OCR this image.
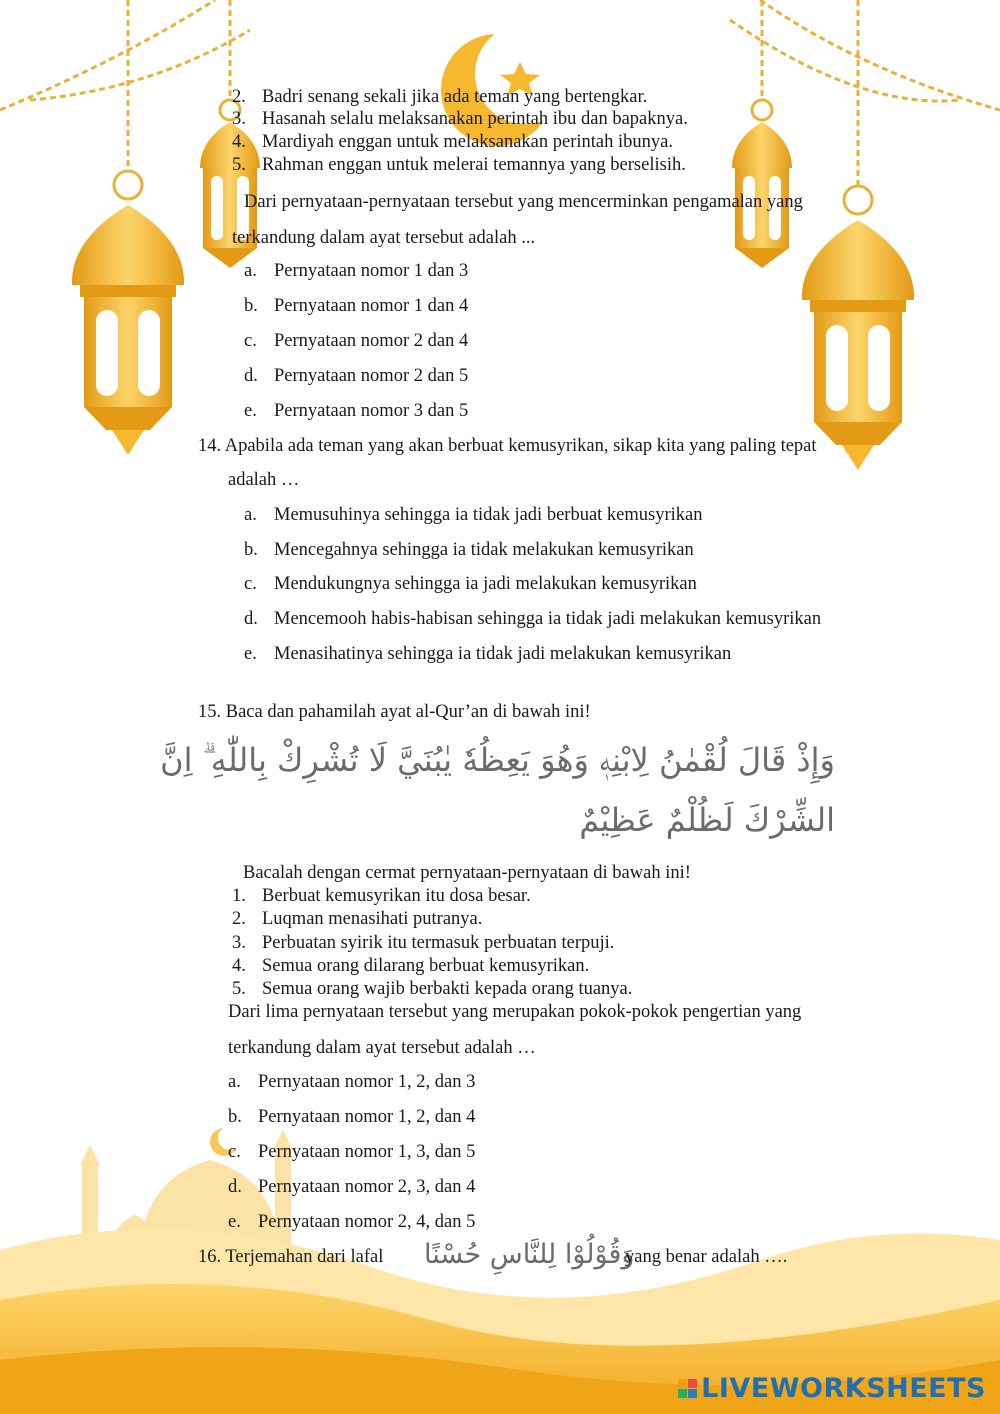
2. Badri senang sekali jika ada teman yang bertengkar.
3. Hasanah selalu melaksanakan perintah ibu dan bapaknya.
4. Mardiyah enggan untuk melaksanakan perintah ibunya.
5. Rahman enggan untuk melerai temannya yang berselisih.
Dari pernyataan-pernyataan tersebut yang mencerminkan pengamalan yang
terkandung dalam ayat tersebut adalah ...
a. Pernyataan nomor 1 dan 3
b. Pernyataan nomor 1 dan 4
c. Pernyataan nomor 2 dan 4
d. Pernyataan nomor 2 dan 5
e. Pernyataan nomor 3 dan 5
14. Apabila ada teman yang akan berbuat kemusyrikan, sikap kita yang paling tepat
adalah …
a. Memusuhinya sehingga ia tidak jadi berbuat kemusyrikan
b. Mencegahnya sehingga ia tidak melakukan kemusyrikan
c. Mendukungnya sehingga ia jadi melakukan kemusyrikan
d. Mencemooh habis-habisan sehingga ia tidak jadi melakukan kemusyrikan
e. Menasihatinya sehingga ia tidak jadi melakukan kemusyrikan
15. Baca dan pahamilah ayat al-Qur’an di bawah ini!
وَإِذْ قَالَ لُقْمٰنُ لِابْنِهٖ وَهُوَ يَعِظُهٗ يٰبُنَيَّ لَا تُشْرِكْ بِاللّٰهِ ۗ اِنَّ
الشِّرْكَ لَظُلْمٌ عَظِيْمٌ
Bacalah dengan cermat pernyataan-pernyataan di bawah ini!
1. Berbuat kemusyrikan itu dosa besar.
2. Luqman menasihati putranya.
3. Perbuatan syirik itu termasuk perbuatan terpuji.
4. Semua orang dilarang berbuat kemusyrikan.
5. Semua orang wajib berbakti kepada orang tuanya.
Dari lima pernyataan tersebut yang merupakan pokok-pokok pengertian yang
terkandung dalam ayat tersebut adalah …
a. Pernyataan nomor 1, 2, dan 3
b. Pernyataan nomor 1, 2, dan 4
c. Pernyataan nomor 1, 3, dan 5
d. Pernyataan nomor 2, 3, dan 4
e. Pernyataan nomor 2, 4, dan 5
16. Terjemahan dari lafal وَقُوْلُوْا لِلنَّاسِ حُسْنًا
yang benar adalah ….
LIVEWORKSHEETS
